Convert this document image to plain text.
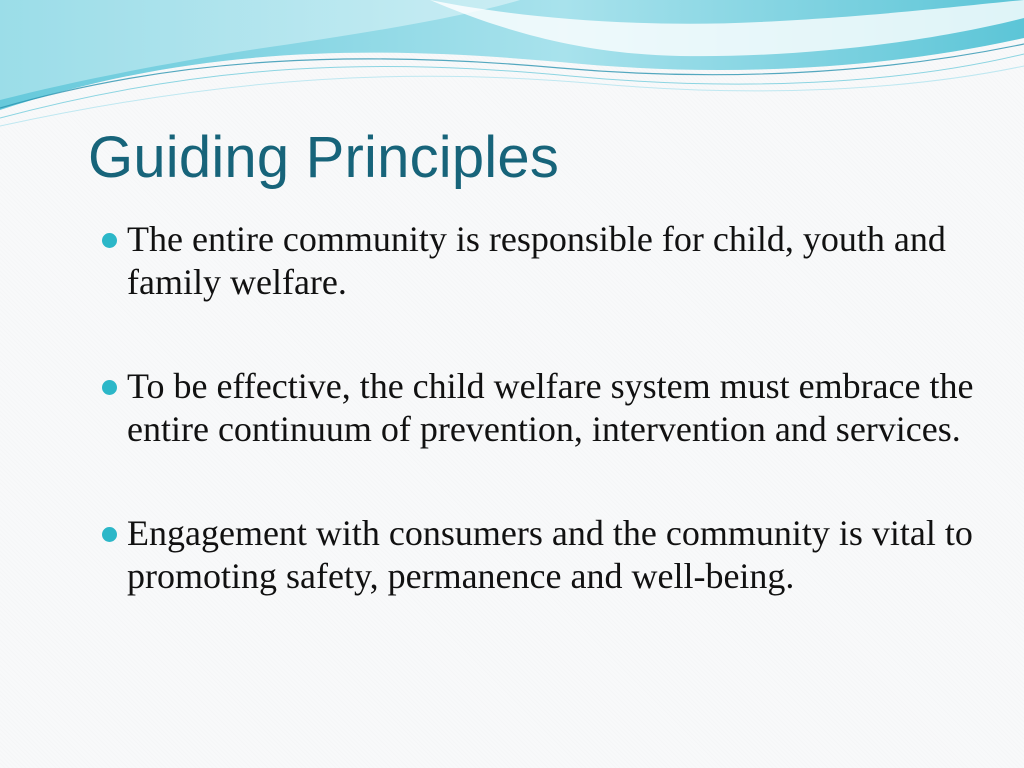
Guiding Principles
The entire community is responsible for child, youth and family welfare.
To be effective, the child welfare system must embrace the entire continuum of prevention, intervention and services.
Engagement with consumers and the community is vital to promoting safety, permanence and well-being.
